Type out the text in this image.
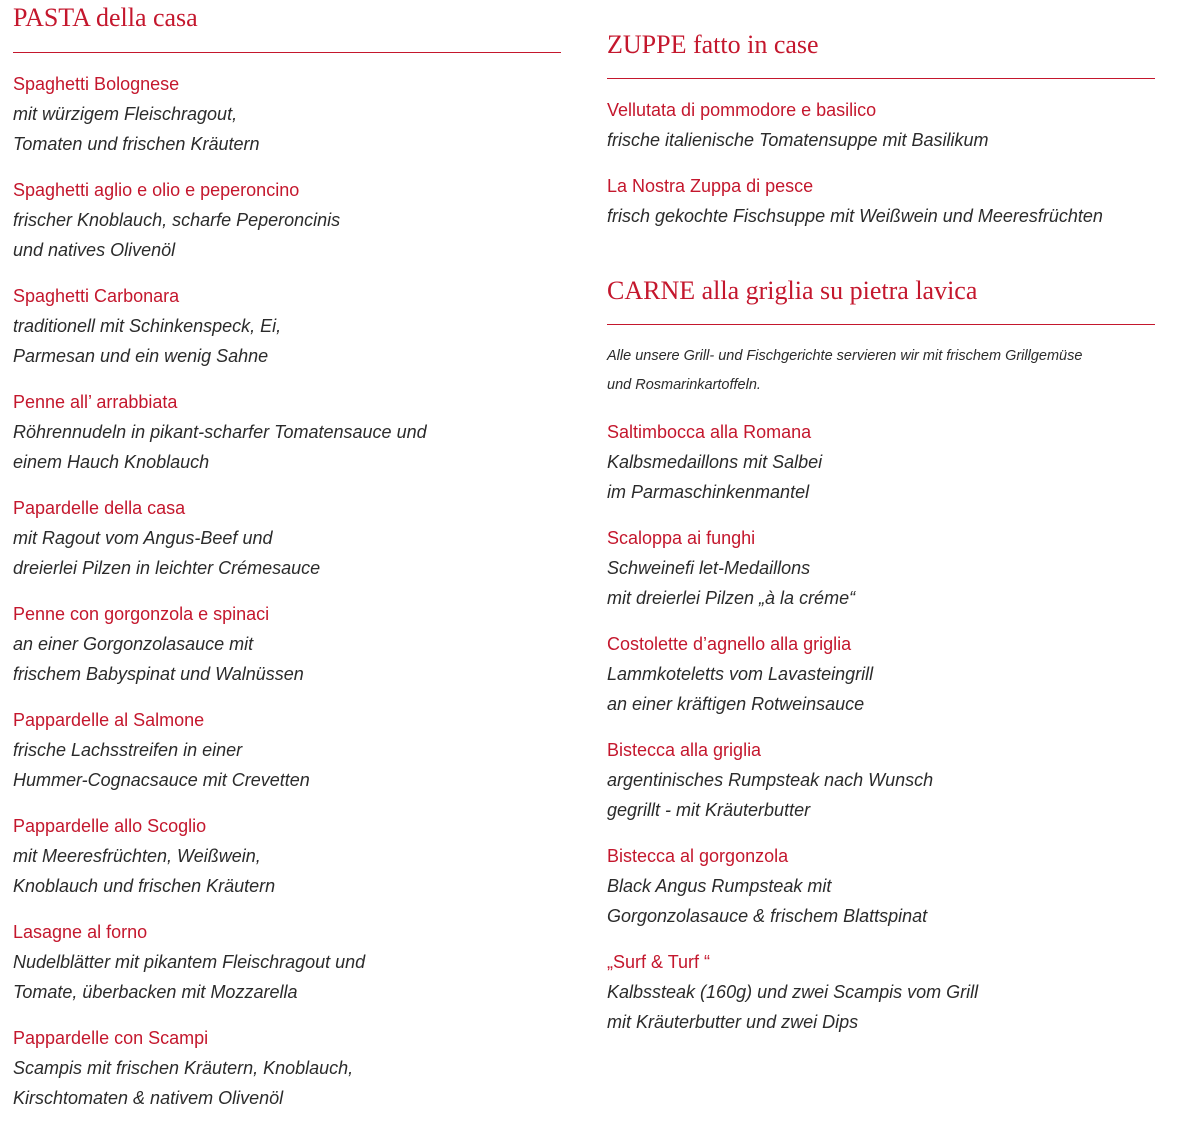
PASTA della casa
Spaghetti Bolognese
mit würzigem Fleischragout,
Tomaten und frischen Kräutern
Spaghetti aglio e olio e peperoncino
frischer Knoblauch, scharfe Peperoncinis
und natives Olivenöl
Spaghetti Carbonara
traditionell mit Schinkenspeck, Ei,
Parmesan und ein wenig Sahne
Penne all’ arrabbiata
Röhrennudeln in pikant-scharfer Tomatensauce und
einem Hauch Knoblauch
Papardelle della casa
mit Ragout vom Angus-Beef und
dreierlei Pilzen in leichter Crémesauce
Penne con gorgonzola e spinaci
an einer Gorgonzolasauce mit
frischem Babyspinat und Walnüssen
Pappardelle al Salmone
frische Lachsstreifen in einer
Hummer-Cognacsauce mit Crevetten
Pappardelle allo Scoglio
mit Meeresfrüchten, Weißwein,
Knoblauch und frischen Kräutern
Lasagne al forno
Nudelblätter mit pikantem Fleischragout und
Tomate, überbacken mit Mozzarella
Pappardelle con Scampi
Scampis mit frischen Kräutern, Knoblauch,
Kirschtomaten & nativem Olivenöl
ZUPPE fatto in case
Vellutata di pommodore e basilico
frische italienische Tomatensuppe mit Basilikum
La Nostra Zuppa di pesce
frisch gekochte Fischsuppe mit Weißwein und Meeresfrüchten
CARNE alla griglia su pietra lavica
Alle unsere Grill- und Fischgerichte servieren wir mit frischem Grillgemüse
und Rosmarinkartoffeln.
Saltimbocca alla Romana
Kalbsmedaillons mit Salbei
im Parmaschinkenmantel
Scaloppa ai funghi
Schweinefi let-Medaillons
mit dreierlei Pilzen „à la créme“
Costolette d’agnello alla griglia
Lammkoteletts vom Lavasteingrill
an einer kräftigen Rotweinsauce
Bistecca alla griglia
argentinisches Rumpsteak nach Wunsch
gegrillt - mit Kräuterbutter
Bistecca al gorgonzola
Black Angus Rumpsteak mit
Gorgonzolasauce & frischem Blattspinat
„Surf & Turf “
Kalbssteak (160g) und zwei Scampis vom Grill
mit Kräuterbutter und zwei Dips
